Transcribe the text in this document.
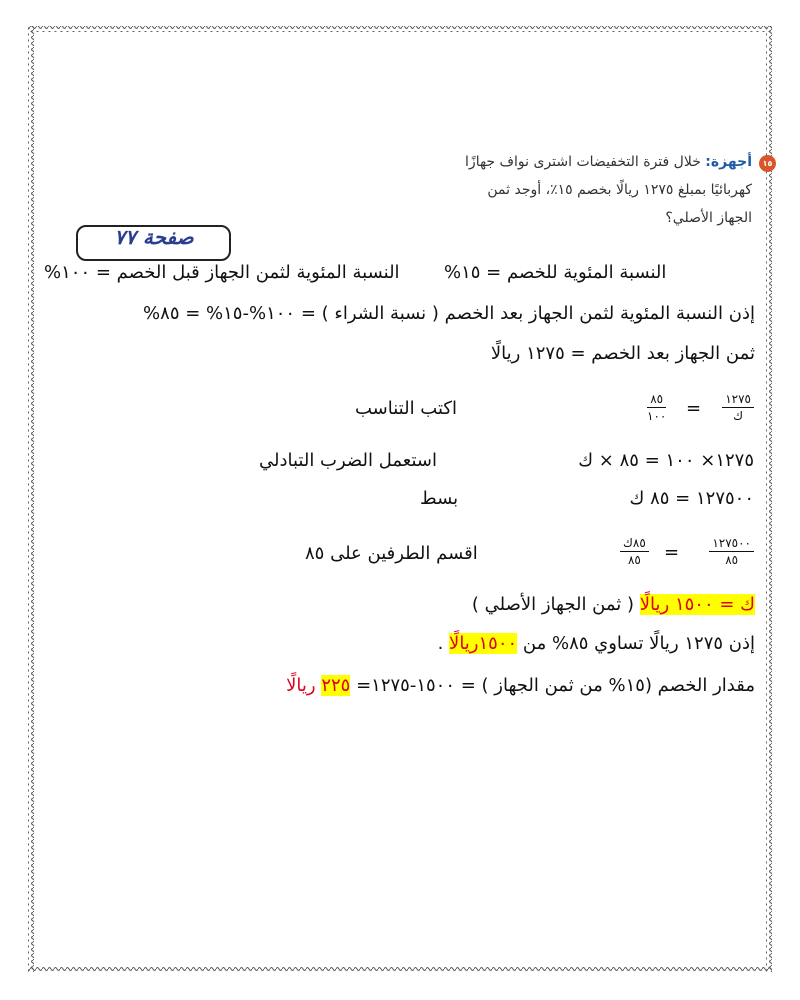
١٥
أجهزة: خلال فترة التخفيضات اشترى نواف جهازًا
كهربائيًا بمبلغ ١٢٧٥ ريالًا بخصم ١٥٪، أوجد ثمن
الجهاز الأصلي؟
صفحة ٧٧
النسبة المئوية لثمن الجهاز قبل الخصم = ١٠٠% النسبة المئوية للخصم = ١٥%
إذن النسبة المئوية لثمن الجهاز بعد الخصم ( نسبة الشراء ) = ١٠٠%-١٥% = ٨٥%
ثمن الجهاز بعد الخصم = ١٢٧٥ ريالًا
١٢٧٥
ك
=
٨٥
١٠٠
اكتب التناسب
١٢٧٥× ١٠٠ = ٨٥ × ك
استعمل الضرب التبادلي
١٢٧٥٠٠ = ٨٥ ك
بسط
١٢٧٥٠٠
٨٥
=
٨٥ك
٨٥
اقسم الطرفين على ٨٥
ك = ١٥٠٠ ريالًا ( ثمن الجهاز الأصلي )
إذن ١٢٧٥ ريالًا تساوي ٨٥% من ١٥٠٠ريالًا .
مقدار الخصم (١٥% من ثمن الجهاز ) = ١٥٠٠-١٢٧٥= ٢٢٥ ريالًا
